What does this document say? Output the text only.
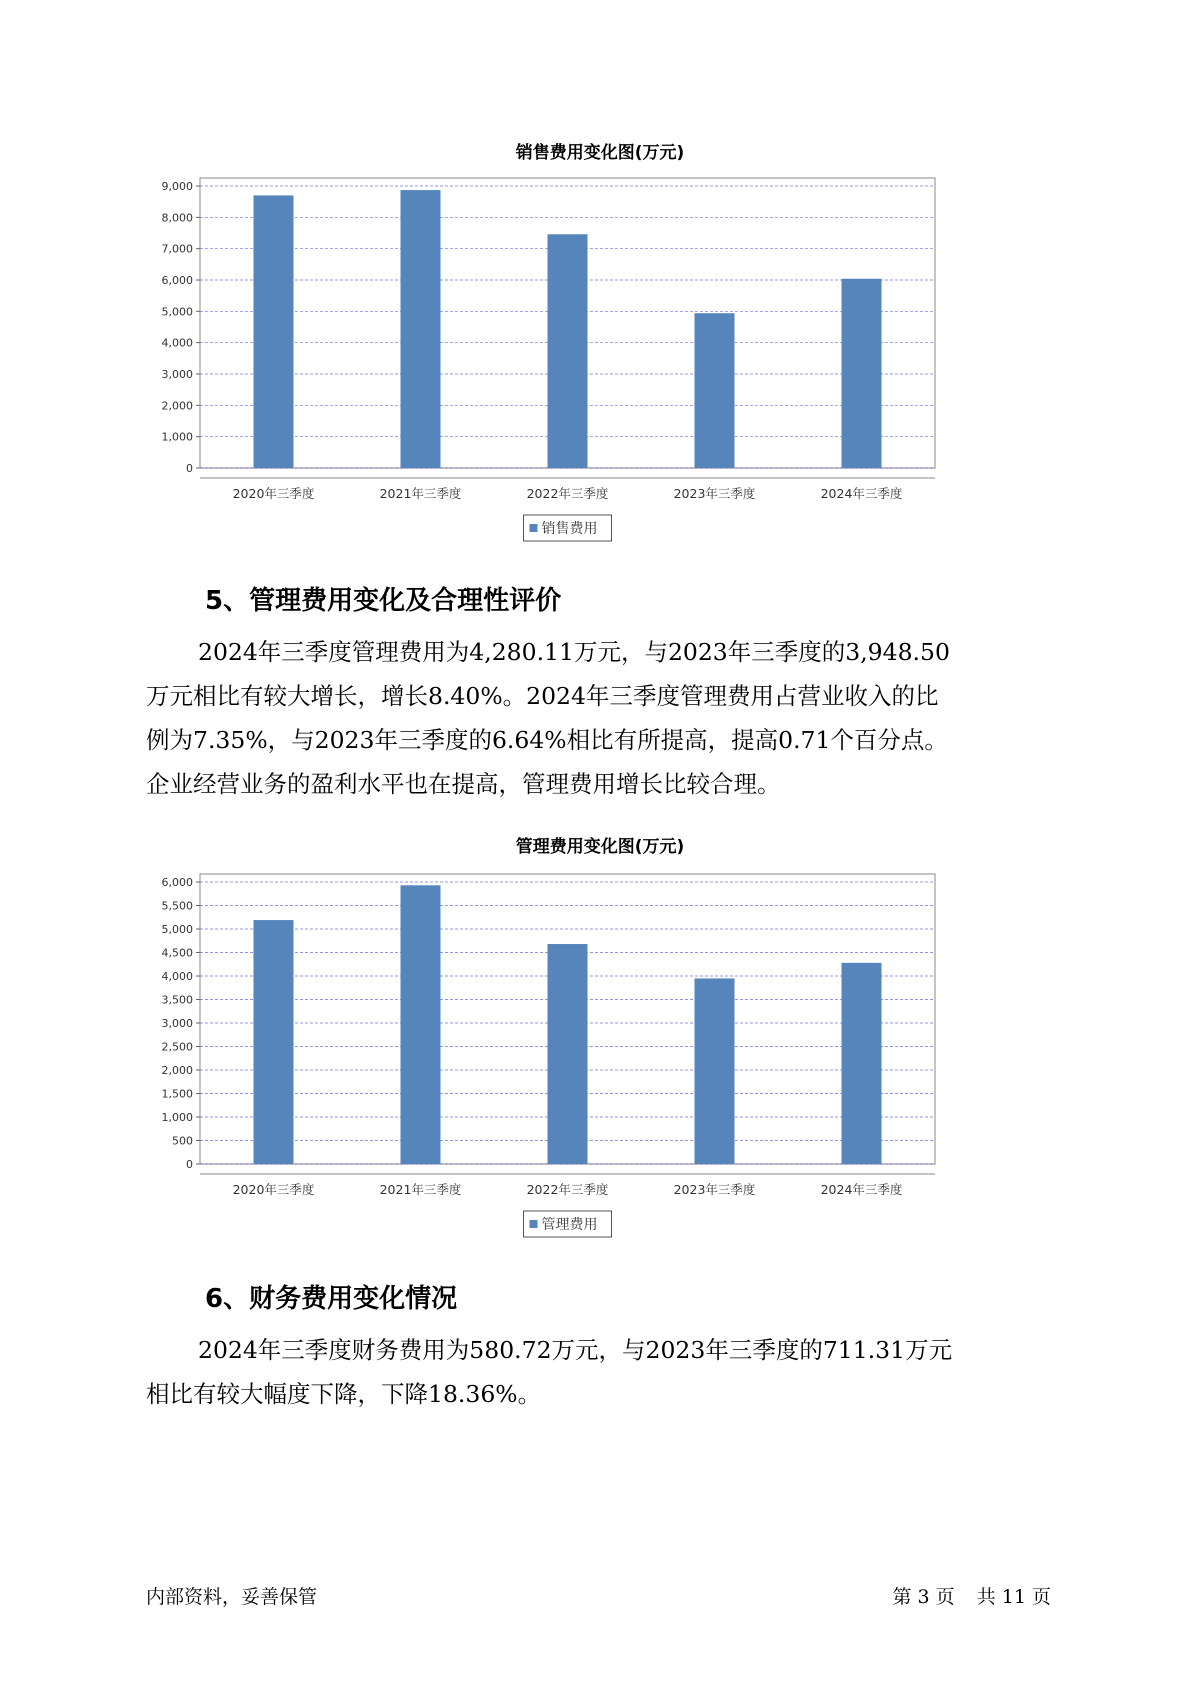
销售费用变化图(万元)
0
1,000
2,000
3,000
4,000
5,000
6,000
7,000
8,000
9,000
2020年三季度	2021年三季度	2022年三季度	2023年三季度	2024年三季度
销售费用
5、管理费用变化及合理性评价
2024年三季度管理费用为4,280.11万元，与2023年三季度的3,948.50
万元相比有较大增长，增长8.40%。2024年三季度管理费用占营业收入的比
例为7.35%，与2023年三季度的6.64%相比有所提高，提高0.71个百分点。
企业经营业务的盈利水平也在提高，管理费用增长比较合理。
管理费用变化图(万元)
0
500
1,000
1,500
2,000
2,500
3,000
3,500
4,000
4,500
5,000
5,500
6,000
2020年三季度	2021年三季度	2022年三季度	2023年三季度	2024年三季度
管理费用
6、财务费用变化情况
2024年三季度财务费用为580.72万元，与2023年三季度的711.31万元
相比有较大幅度下降，下降18.36%。
内部资料，妥善保管	第 3 页 共 11 页
